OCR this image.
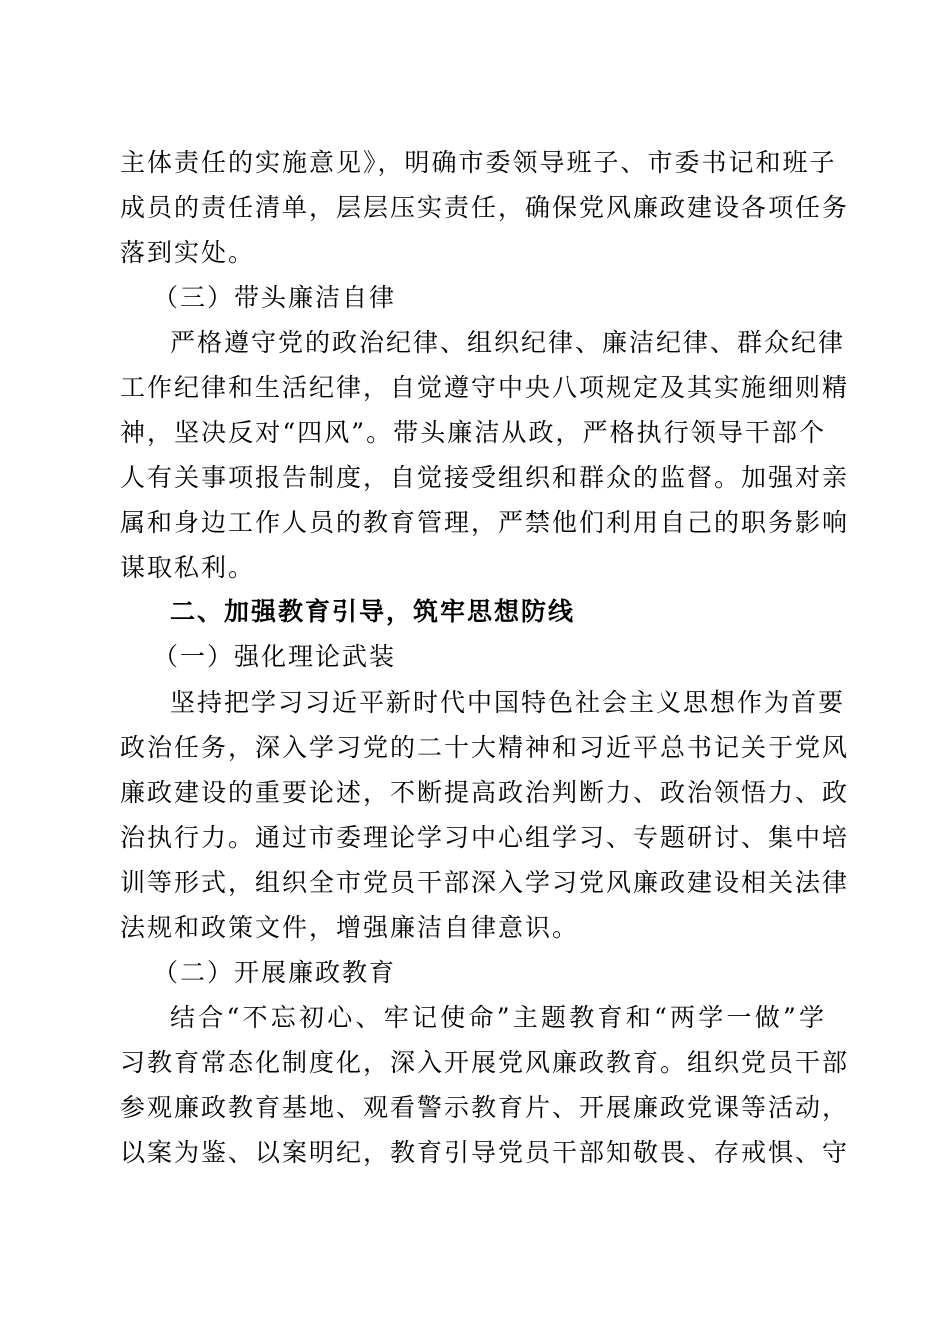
主体责任的实施意见》，明确市委领导班子、市委书记和班子
成员的责任清单，层层压实责任，确保党风廉政建设各项任务
落到实处。
（三）带头廉洁自律
严格遵守党的政治纪律、组织纪律、廉洁纪律、群众纪律
工作纪律和生活纪律，自觉遵守中央八项规定及其实施细则精
神，坚决反对“四风”。带头廉洁从政，严格执行领导干部个
人有关事项报告制度，自觉接受组织和群众的监督。加强对亲
属和身边工作人员的教育管理，严禁他们利用自己的职务影响
谋取私利。
二、加强教育引导，筑牢思想防线
（一）强化理论武装
坚持把学习习近平新时代中国特色社会主义思想作为首要
政治任务，深入学习党的二十大精神和习近平总书记关于党风
廉政建设的重要论述，不断提高政治判断力、政治领悟力、政
治执行力。通过市委理论学习中心组学习、专题研讨、集中培
训等形式，组织全市党员干部深入学习党风廉政建设相关法律
法规和政策文件，增强廉洁自律意识。
（二）开展廉政教育
结合“不忘初心、牢记使命”主题教育和“两学一做”学
习教育常态化制度化，深入开展党风廉政教育。组织党员干部
参观廉政教育基地、观看警示教育片、开展廉政党课等活动，
以案为鉴、以案明纪，教育引导党员干部知敬畏、存戒惧、守
